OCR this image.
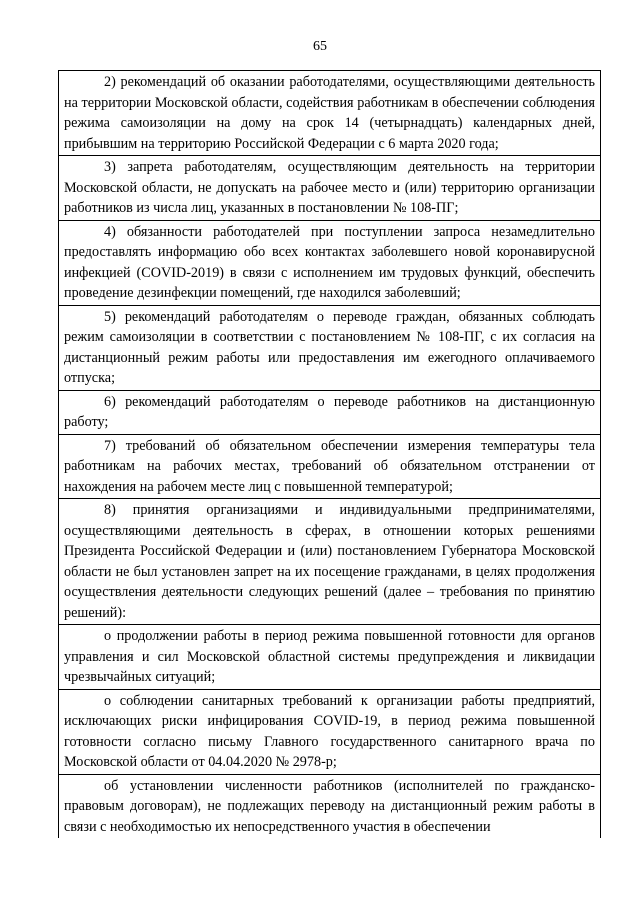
65

2) рекомендаций об оказании работодателями, осуществляющими деятельность на территории Московской области, содействия работникам в обеспечении соблюдения режима самоизоляции на дому на срок 14 (четырнадцать) календарных дней, прибывшим на территорию Российской Федерации с 6 марта 2020 года;

3) запрета работодателям, осуществляющим деятельность на территории Московской области, не допускать на рабочее место и (или) территорию организации работников из числа лиц, указанных в постановлении № 108-ПГ;

4) обязанности работодателей при поступлении запроса незамедлительно предоставлять информацию обо всех контактах заболевшего новой коронавирусной инфекцией (COVID-2019) в связи с исполнением им трудовых функций, обеспечить проведение дезинфекции помещений, где находился заболевший;

5) рекомендаций работодателям о переводе граждан, обязанных соблюдать режим самоизоляции в соответствии с постановлением № 108-ПГ, с их согласия на дистанционный режим работы или предоставления им ежегодного оплачиваемого отпуска;

6) рекомендаций работодателям о переводе работников на дистанционную работу;

7) требований об обязательном обеспечении измерения температуры тела работникам на рабочих местах, требований об обязательном отстранении от нахождения на рабочем месте лиц с повышенной температурой;

8) принятия организациями и индивидуальными предпринимателями, осуществляющими деятельность в сферах, в отношении которых решениями Президента Российской Федерации и (или) постановлением Губернатора Московской области не был установлен запрет на их посещение гражданами, в целях продолжения осуществления деятельности следующих решений (далее – требования по принятию решений):

о продолжении работы в период режима повышенной готовности для органов управления и сил Московской областной системы предупреждения и ликвидации чрезвычайных ситуаций;

о соблюдении санитарных требований к организации работы предприятий, исключающих риски инфицирования COVID-19, в период режима повышенной готовности согласно письму Главного государственного санитарного врача по Московской области от 04.04.2020 № 2978-р;

об установлении численности работников (исполнителей по гражданско-правовым договорам), не подлежащих переводу на дистанционный режим работы в связи с необходимостью их непосредственного участия в обеспечении
